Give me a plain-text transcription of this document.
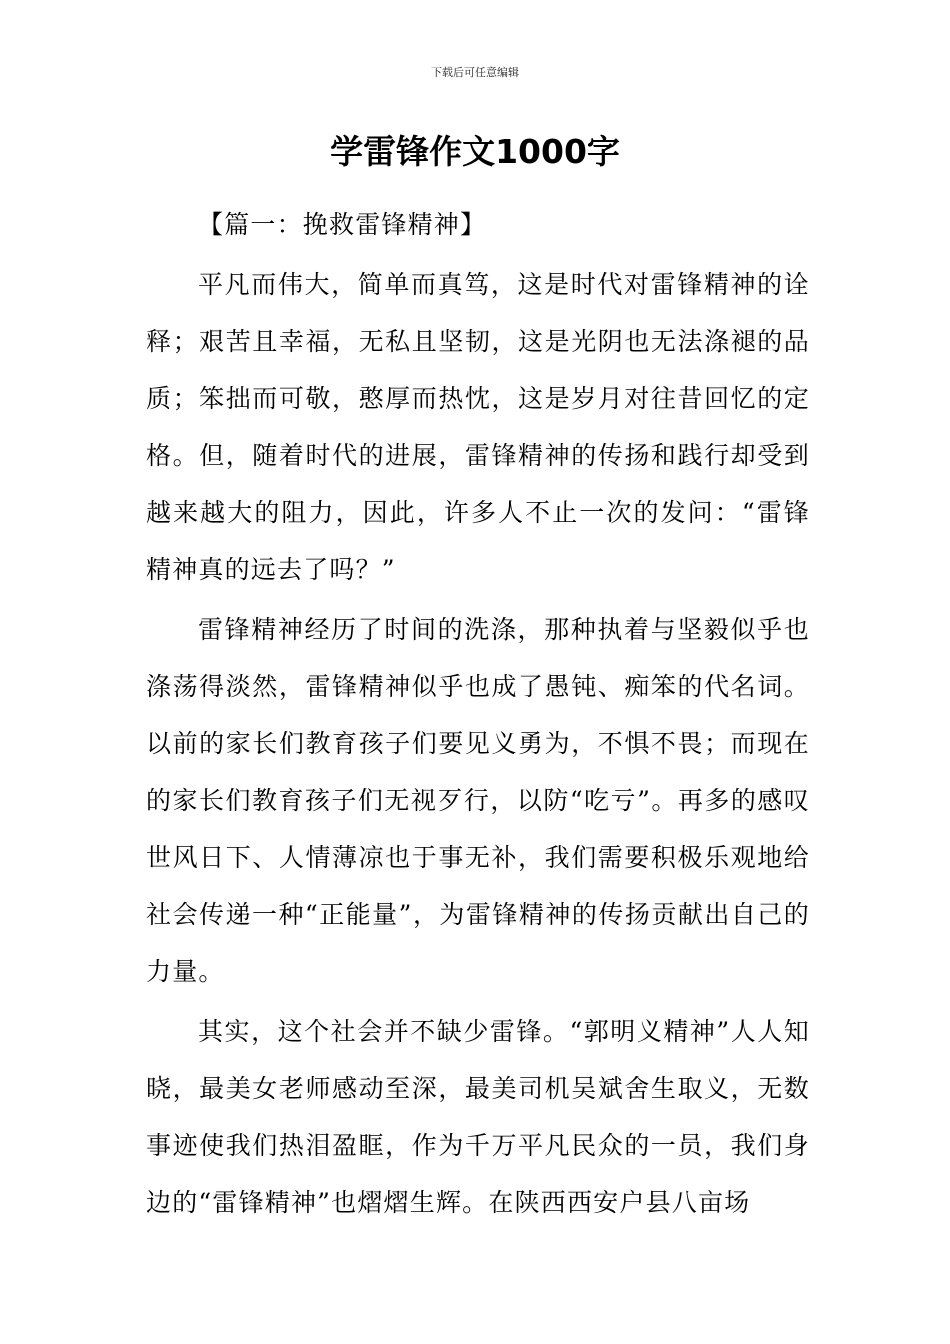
下载后可任意编辑
学雷锋作文1000字

【篇一：挽救雷锋精神】

平凡而伟大，简单而真笃，这是时代对雷锋精神的诠释；艰苦且幸福，无私且坚韧，这是光阴也无法涤褪的品质；笨拙而可敬，憨厚而热忱，这是岁月对往昔回忆的定格。但，随着时代的进展，雷锋精神的传扬和践行却受到越来越大的阻力，因此，许多人不止一次的发问：“雷锋精神真的远去了吗？”

雷锋精神经历了时间的洗涤，那种执着与坚毅似乎也涤荡得淡然，雷锋精神似乎也成了愚钝、痴笨的代名词。以前的家长们教育孩子们要见义勇为，不惧不畏；而现在的家长们教育孩子们无视歹行，以防“吃亏”。再多的感叹世风日下、人情薄凉也于事无补，我们需要积极乐观地给社会传递一种“正能量”，为雷锋精神的传扬贡献出自己的力量。

其实，这个社会并不缺少雷锋。“郭明义精神”人人知晓，最美女老师感动至深，最美司机吴斌舍生取义，无数事迹使我们热泪盈眶，作为千万平凡民众的一员，我们身边的“雷锋精神”也熠熠生辉。在陕西西安户县八亩场
